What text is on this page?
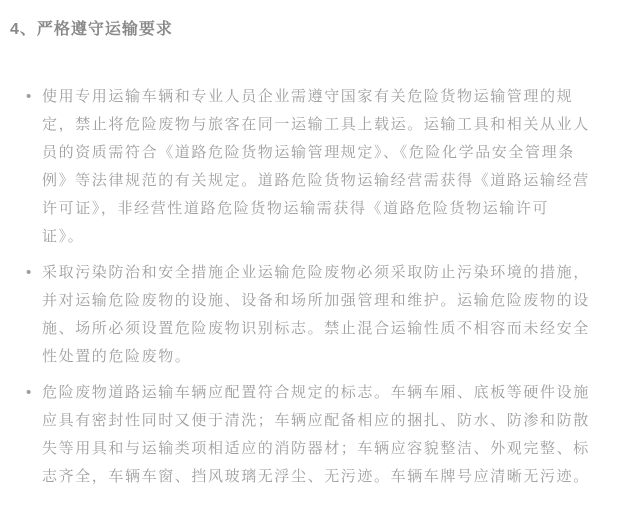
4、严格遵守运输要求
• 使用专用运输车辆和专业人员企业需遵守国家有关危险货物运输管理的规定，禁止将危险废物与旅客在同一运输工具上载运。运输工具和相关从业人员的资质需符合《道路危险货物运输管理规定》、《危险化学品安全管理条例》等法律规范的有关规定。道路危险货物运输经营需获得《道路运输经营许可证》，非经营性道路危险货物运输需获得《道路危险货物运输许可证》。
• 采取污染防治和安全措施企业运输危险废物必须采取防止污染环境的措施，并对运输危险废物的设施、设备和场所加强管理和维护。运输危险废物的设施、场所必须设置危险废物识别标志。禁止混合运输性质不相容而未经安全性处置的危险废物。
• 危险废物道路运输车辆应配置符合规定的标志。车辆车厢、底板等硬件设施应具有密封性同时又便于清洗；车辆应配备相应的捆扎、防水、防渗和防散失等用具和与运输类项相适应的消防器材；车辆应容貌整洁、外观完整、标志齐全，车辆车窗、挡风玻璃无浮尘、无污迹。车辆车牌号应清晰无污迹。
